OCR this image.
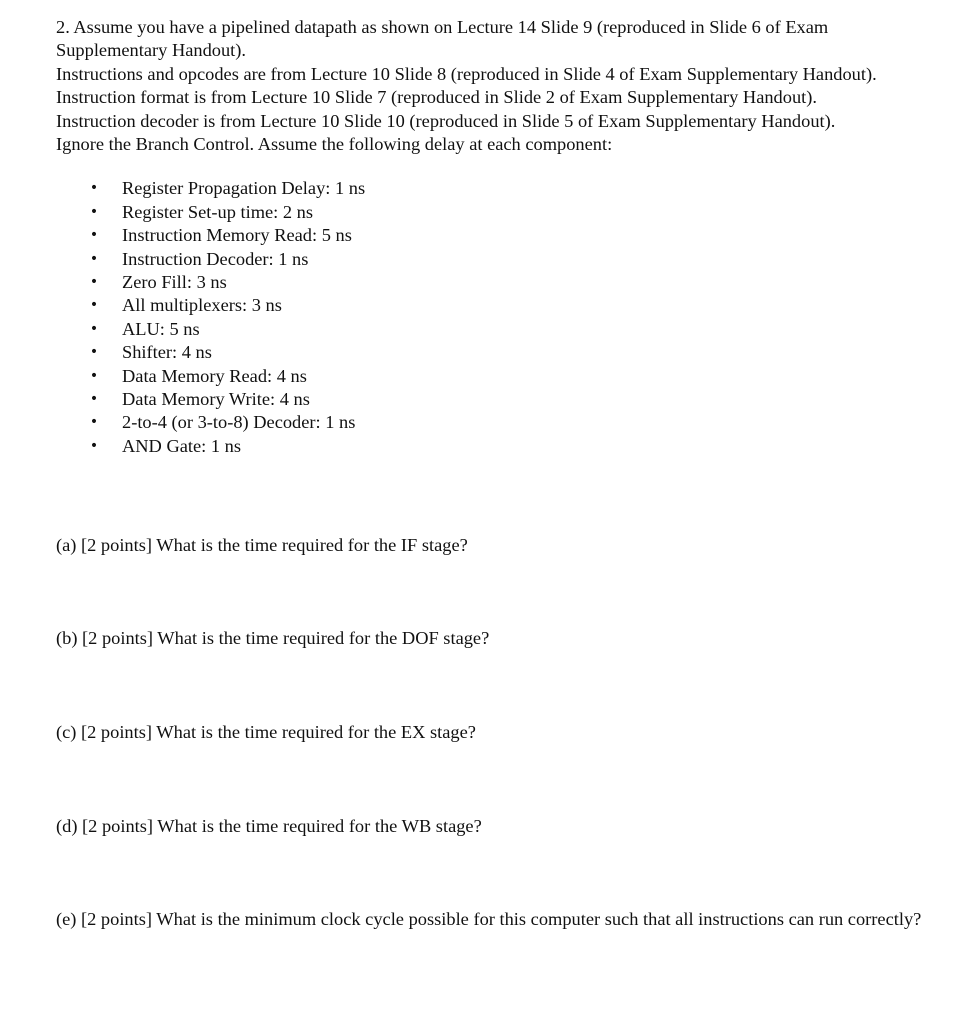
2. Assume you have a pipelined datapath as shown on Lecture 14 Slide 9 (reproduced in Slide 6 of Exam Supplementary Handout).

Instructions and opcodes are from Lecture 10 Slide 8 (reproduced in Slide 4 of Exam Supplementary Handout).

Instruction format is from Lecture 10 Slide 7 (reproduced in Slide 2 of Exam Supplementary Handout).

Instruction decoder is from Lecture 10 Slide 10 (reproduced in Slide 5 of Exam Supplementary Handout).

Ignore the Branch Control. Assume the following delay at each component:

• Register Propagation Delay: 1 ns
• Register Set-up time: 2 ns
• Instruction Memory Read: 5 ns
• Instruction Decoder: 1 ns
• Zero Fill: 3 ns
• All multiplexers: 3 ns
• ALU: 5 ns
• Shifter: 4 ns
• Data Memory Read: 4 ns
• Data Memory Write: 4 ns
• 2-to-4 (or 3-to-8) Decoder: 1 ns
• AND Gate: 1 ns

(a) [2 points] What is the time required for the IF stage?

(b) [2 points] What is the time required for the DOF stage?

(c) [2 points] What is the time required for the EX stage?

(d) [2 points] What is the time required for the WB stage?

(e) [2 points] What is the minimum clock cycle possible for this computer such that all instructions can run correctly?
